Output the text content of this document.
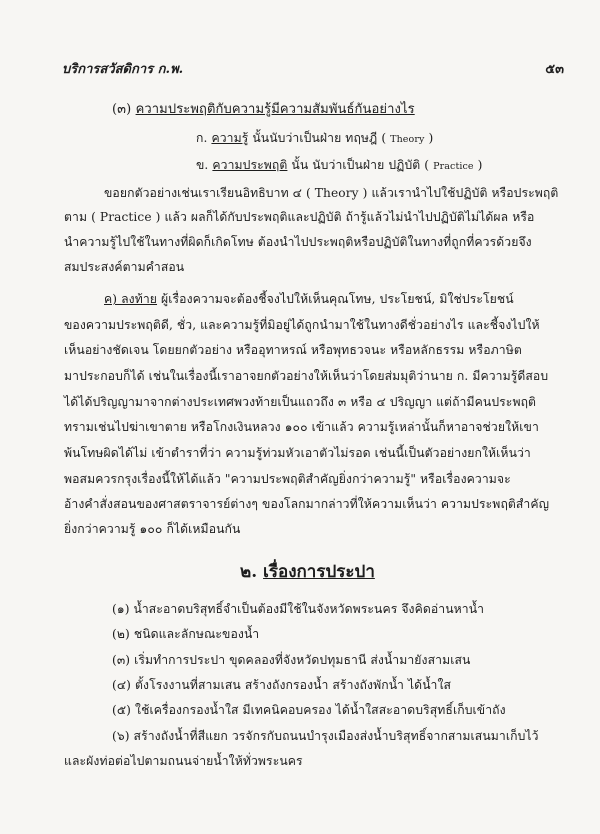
บริการสวัสดิการ ก.พ.	๕๓
(๓) ความประพฤติกับความรู้มีความสัมพันธ์กันอย่างไร
ก. ความรู้ นั้นนับว่าเป็นฝ่าย ทฤษฎี ( Theory )
ข. ความประพฤติ นั้น นับว่าเป็นฝ่าย ปฏิบัติ ( Practice )
ขอยกตัวอย่างเช่นเราเรียนอิทธิบาท ๔ ( Theory ) แล้วเรานำไปใช้ปฏิบัติ หรือประพฤติ
ตาม ( Practice ) แล้ว ผลก็ได้กับประพฤติและปฏิบัติ ถ้ารู้แล้วไม่นำไปปฏิบัติไม่ได้ผล หรือ
นำความรู้ไปใช้ในทางที่ผิดก็เกิดโทษ ต้องนำไปประพฤติหรือปฏิบัติในทางที่ถูกที่ควรด้วยจึง
สมประสงค์ตามคำสอน
ค) ลงท้าย ผู้เรื่องความจะต้องชี้จงไปให้เห็นคุณโทษ, ประโยชน์, มิใช่ประโยชน์
ของความประพฤติดี, ชั่ว, และความรู้ที่มิอยู่ได้ถูกนำมาใช้ในทางดีชั่วอย่างไร และชี้จงไปให้
เห็นอย่างชัดเจน โดยยกตัวอย่าง หรืออุทาหรณ์ หรือพุทธวจนะ หรือหลักธรรม หรือภาษิต
มาประกอบก็ได้ เช่นในเรื่องนี้เราอาจยกตัวอย่างให้เห็นว่าโดยส่มมุติว่านาย ก. มีความรู้ดีสอบ
ได้ได้ปริญญามาจากต่างประเทศพวงท้ายเป็นแถวถึง ๓ หรือ ๔ ปริญญา แต่ถ้ามีคนประพฤติ
ทรามเช่นไปฆ่าเขาตาย หรือโกงเงินหลวง ๑๐๐ เข้าแล้ว ความรู้เหล่านั้นก็หาอาจช่วยให้เขา
พ้นโทษผิดได้ไม่ เข้าตำราที่ว่า ความรู้ท่วมหัวเอาตัวไม่รอด เช่นนี้เป็นตัวอย่างยกให้เห็นว่า
พอสมควรกรุงเรื่องนี้ให้ได้แล้ว "ความประพฤติสำคัญยิ่งกว่าความรู้" หรือเรื่องความจะ
อ้างคำสั่งสอนของศาสตราจารย์ต่างๆ ของโลกมากล่าวที่ให้ความเห็นว่า ความประพฤติสำคัญ
ยิ่งกว่าความรู้ ๑๐๐ ก็ได้เหมือนกัน
๒. เรื่องการประปา
(๑) น้ำสะอาดบริสุทธิ์จำเป็นต้องมีใช้ในจังหวัดพระนคร จึงคิดอ่านหาน้ำ
(๒) ชนิดและลักษณะของน้ำ
(๓) เริ่มทำการประปา ขุดคลองที่จังหวัดปทุมธานี ส่งน้ำมายังสามเสน
(๔) ตั้งโรงงานที่สามเสน สร้างถังกรองน้ำ สร้างถังพักน้ำ ได้น้ำใส
(๕) ใช้เครื่องกรองน้ำใส มีเทคนิคอบครอง ได้น้ำใสสะอาดบริสุทธิ์เก็บเข้าถัง
(๖) สร้างถังน้ำที่สีแยก วรจักรกับถนนบำรุงเมืองส่งน้ำบริสุทธิ์จากสามเสนมาเก็บไว้
และผังท่อต่อไปตามถนนจ่ายน้ำให้ทั่วพระนคร
